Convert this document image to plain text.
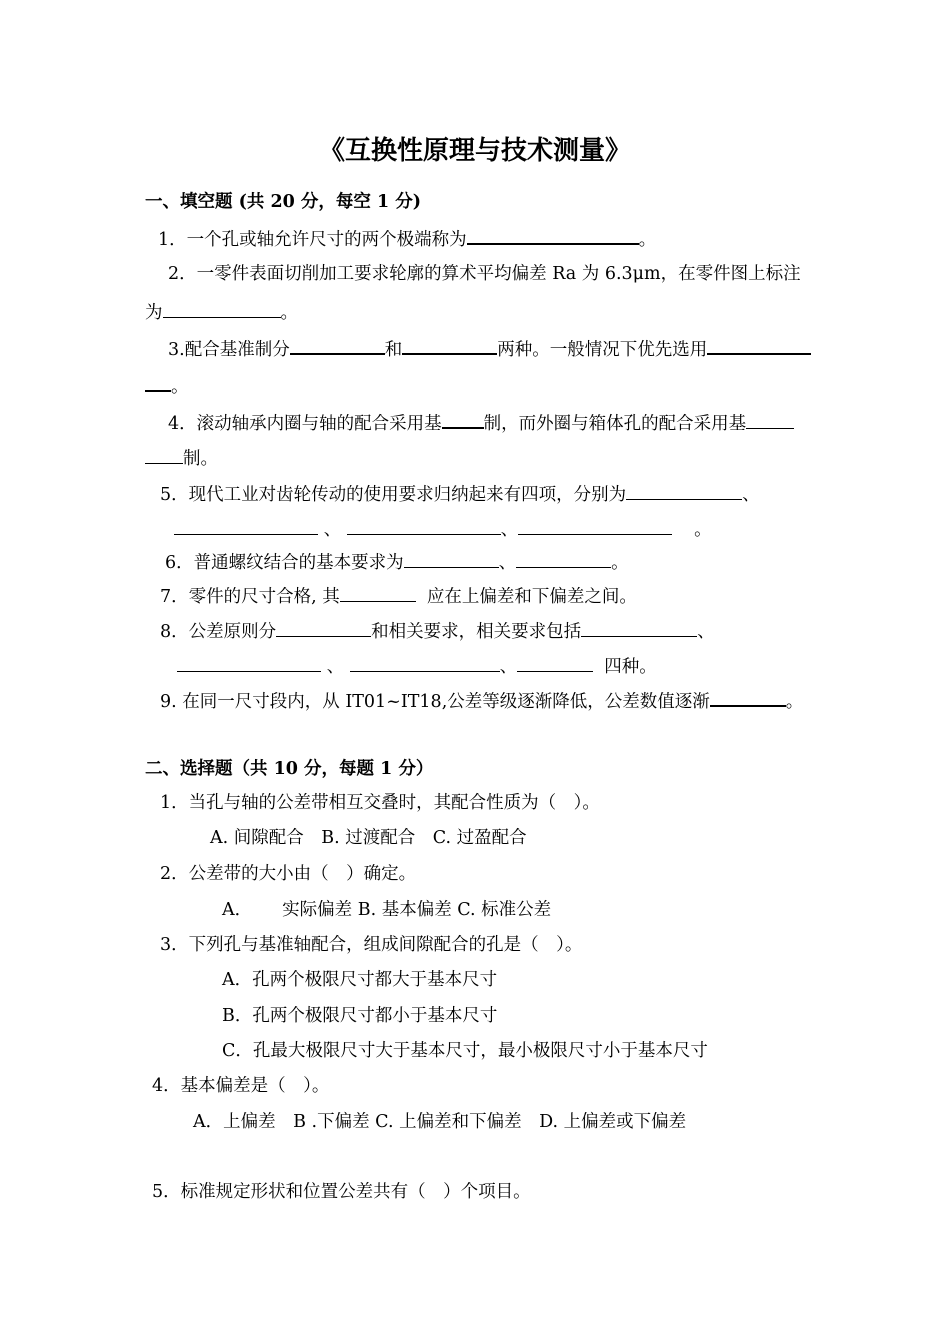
《互换性原理与技术测量》
一、填空题 (共 20 分，每空 1 分)
1．一个孔或轴允许尺寸的两个极端称为	。
2．一零件表面切削加工要求轮廓的算术平均偏差 Ra 为 6.3μm，在零件图上标注
为	。
3.配合基准制分	和	两种。一般情况下优先选用
。
4．滚动轴承内圈与轴的配合采用基 制，而外圈与箱体孔的配合采用基
制。
5．现代工业对齿轮传动的使用要求归纳起来有四项，分别为	、
、	、	。
6．普通螺纹结合的基本要求为	、	。
7．零件的尺寸合格, 其	应在上偏差和下偏差之间。
8．公差原则分	和相关要求，相关要求包括	、
、	、	四种。
9. 在同一尺寸段内，从 IT01~IT18,公差等级逐渐降低，公差数值逐渐	。
二、选择题（共 10 分，每题 1 分）
1．当孔与轴的公差带相互交叠时，其配合性质为（　）。
A. 间隙配合　B. 过渡配合　C. 过盈配合
2．公差带的大小由（　）确定。
A． 实际偏差 B. 基本偏差 C. 标准公差
3．下列孔与基准轴配合，组成间隙配合的孔是（　）。
A．孔两个极限尺寸都大于基本尺寸
B．孔两个极限尺寸都小于基本尺寸
C．孔最大极限尺寸大于基本尺寸，最小极限尺寸小于基本尺寸
4．基本偏差是（　）。
A．上偏差　B .下偏差 C. 上偏差和下偏差　D. 上偏差或下偏差
5．标准规定形状和位置公差共有（　）个项目。
